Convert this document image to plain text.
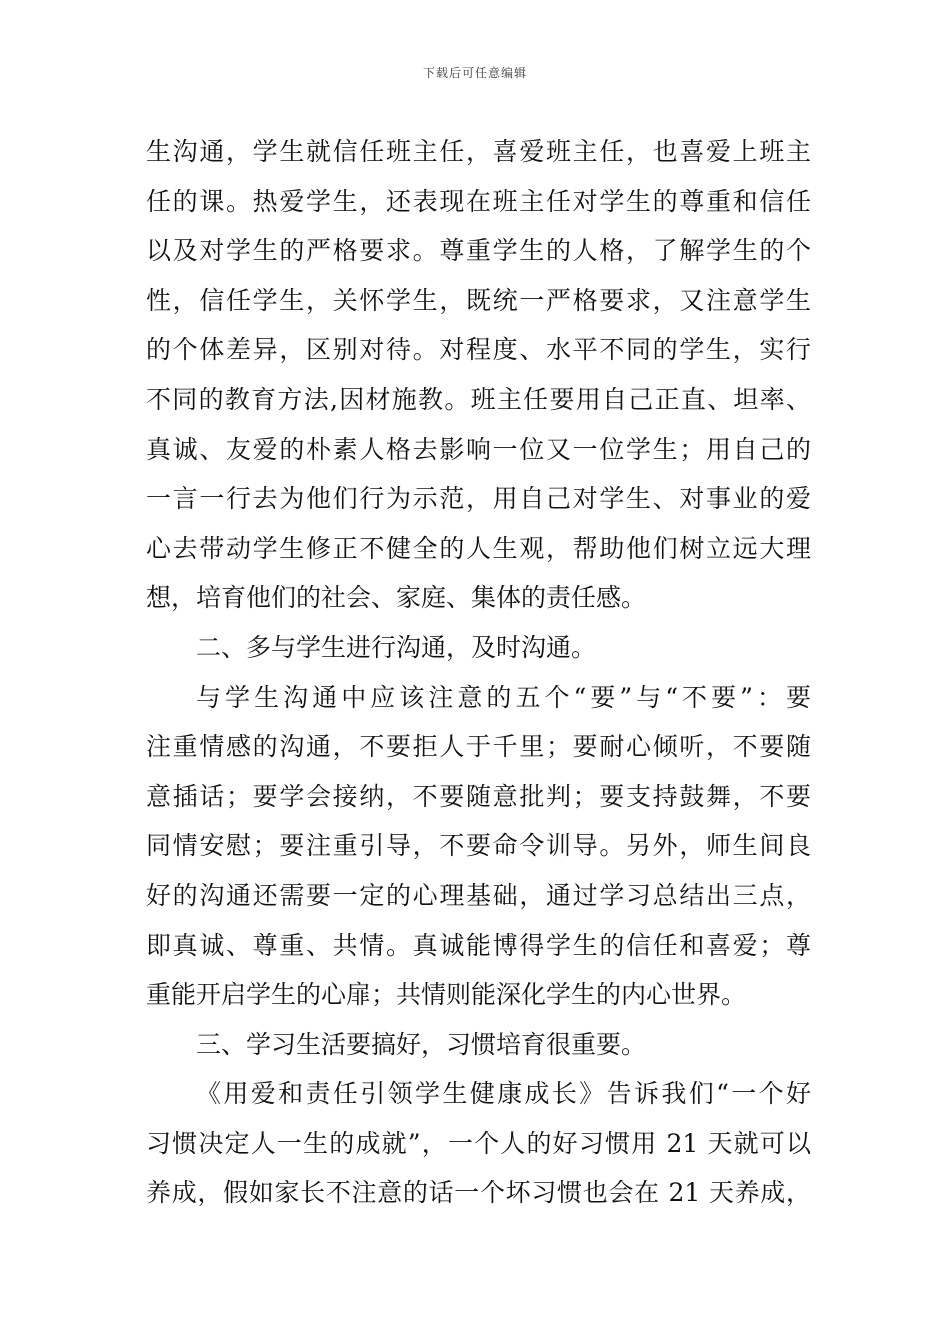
下载后可任意编辑
生沟通，学生就信任班主任，喜爱班主任，也喜爱上班主
任的课。热爱学生，还表现在班主任对学生的尊重和信任
以及对学生的严格要求。尊重学生的人格，了解学生的个
性，信任学生，关怀学生，既统一严格要求，又注意学生
的个体差异，区别对待。对程度、水平不同的学生，实行
不同的教育方法,因材施教。班主任要用自己正直、坦率、
真诚、友爱的朴素人格去影响一位又一位学生；用自己的
一言一行去为他们行为示范，用自己对学生、对事业的爱
心去带动学生修正不健全的人生观，帮助他们树立远大理
想，培育他们的社会、家庭、集体的责任感。
二、多与学生进行沟通，及时沟通。
与学生沟通中应该注意的五个“要”与“不要”：要
注重情感的沟通，不要拒人于千里；要耐心倾听，不要随
意插话；要学会接纳，不要随意批判；要支持鼓舞，不要
同情安慰；要注重引导，不要命令训导。另外，师生间良
好的沟通还需要一定的心理基础，通过学习总结出三点，
即真诚、尊重、共情。真诚能博得学生的信任和喜爱；尊
重能开启学生的心扉；共情则能深化学生的内心世界。
三、学习生活要搞好，习惯培育很重要。
《用爱和责任引领学生健康成长》告诉我们“一个好
习惯决定人一生的成就”，一个人的好习惯用 21 天就可以
养成，假如家长不注意的话一个坏习惯也会在 21 天养成，
